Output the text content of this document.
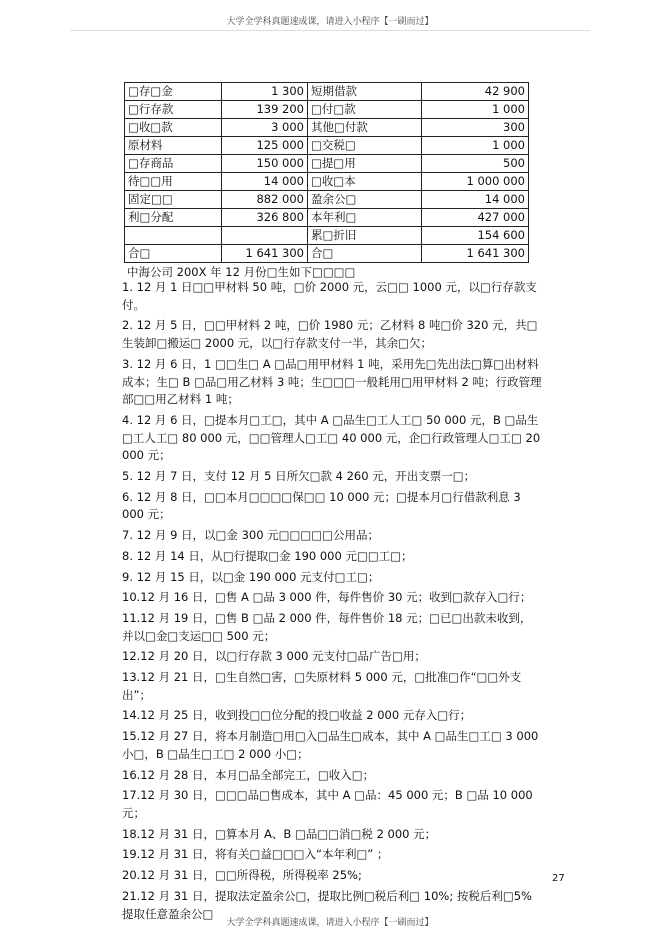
大学全学科真题速成课，请进入小程序【一刷而过】
□存□金	1 300	短期借款	42 900
□行存款	139 200	□付□款	1 000
□收□款	3 000	其他□付款	300
原材料	125 000	□交税□	1 000
□存商品	150 000	□提□用	500
待□□用	14 000	□收□本	1 000 000
固定□□	882 000	盈余公□	14 000
利□分配	326 800	本年利□	427 000
		累□折旧	154 600
合□	1 641 300	合□	1 641 300
中海公司 200X 年 12 月份□生如下□□□□
1. 12 月 1 日□□甲材料 50 吨，□价 2000 元，云□□ 1000 元，以□行存款支付。
2. 12 月 5 日，□□甲材料 2 吨，□价 1980 元；乙材料 8 吨□价 320 元，共□生装卸□搬运□ 2000 元，以□行存款支付一半，其余□欠；
3. 12 月 6 日，1 □□生□ A □品□用甲材料 1 吨，采用先□先出法□算□出材料成本；生□ B □品□用乙材料 3 吨；生□□□一般耗用□用甲材料 2 吨；行政管理部□□用乙材料 1 吨；
4. 12 月 6 日，□提本月□工□，其中 A □品生□工人工□ 50 000 元，B □品生□工人工□ 80 000 元，□□管理人□工□ 40 000 元，企□行政管理人□工□ 20 000 元；
5. 12 月 7 日，支付 12 月 5 日所欠□款 4 260 元，开出支票一□；
6. 12 月 8 日，□□本月□□□□保□□ 10 000 元；□提本月□行借款利息 3 000 元；
7. 12 月 9 日，以□金 300 元□□□□□公用品；
8. 12 月 14 日，从□行提取□金 190 000 元□□工□；
9. 12 月 15 日，以□金 190 000 元支付□工□；
10.12 月 16 日，□售 A □品 3 000 件，每件售价 30 元；收到□款存入□行；
11.12 月 19 日，□售 B □品 2 000 件，每件售价 18 元；□已□出款未收到，并以□金□支运□□ 500 元；
12.12 月 20 日，以□行存款 3 000 元支付□品广告□用；
13.12 月 21 日，□生自然□害，□失原材料 5 000 元，□批准□作“□□外支出”；
14.12 月 25 日，收到投□□位分配的投□收益 2 000 元存入□行；
15.12 月 27 日，将本月制造□用□入□品生□成本，其中 A □品生□工□ 3 000 小□，B □品生□工□ 2 000 小□；
16.12 月 28 日，本月□品全部完工，□收入□；
17.12 月 30 日，□□□品□售成本，其中 A □品：45 000 元；B □品 10 000 元；
18.12 月 31 日，□算本月 A、B □品□□消□税 2 000 元；
19.12 月 31 日，将有关□益□□□入“本年利□” ；
20.12 月 31 日，□□所得税，所得税率 25%;
21.12 月 31 日，提取法定盈余公□，提取比例□税后利□ 10%; 按税后利□5%提取任意盈余公□
27
大学全学科真题速成课，请进入小程序【一刷而过】
